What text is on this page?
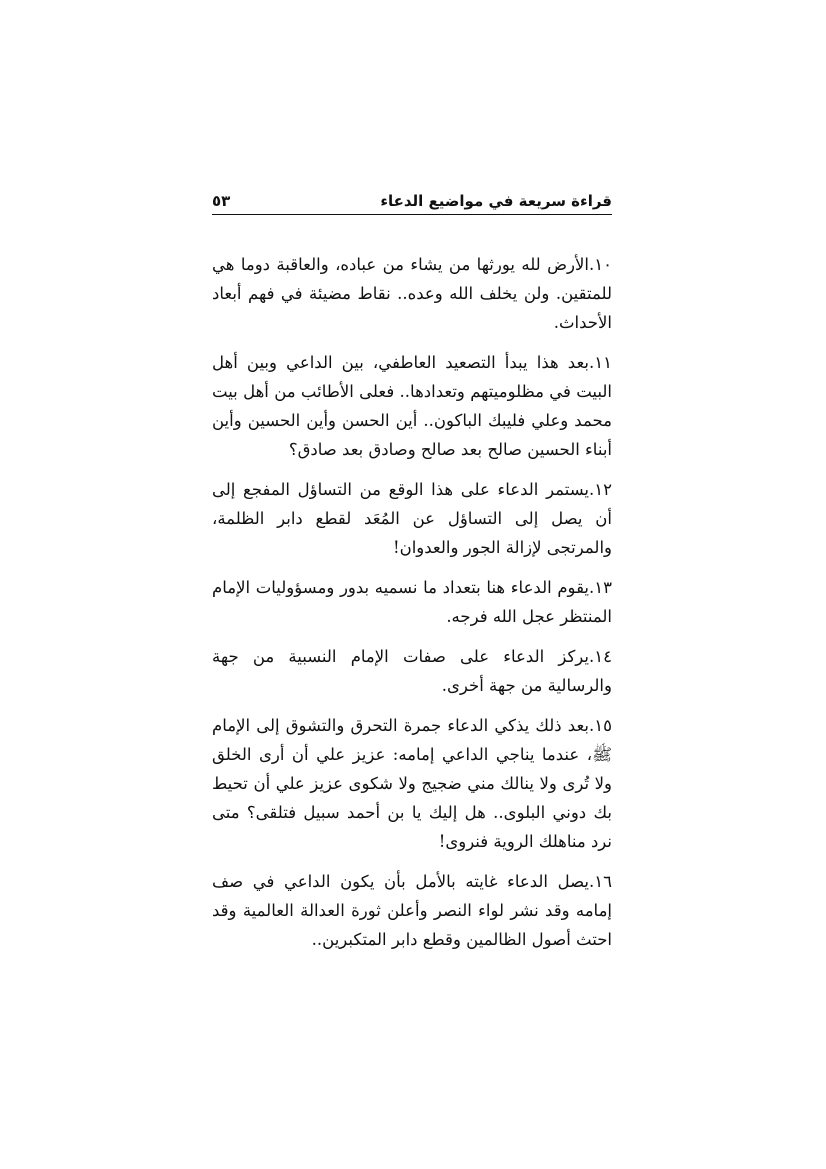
قراءة سريعة في مواضيع الدعاء
٥٣

١٠.الأرض لله يورثها من يشاء من عباده، والعاقبة دوما هي للمتقين. ولن يخلف الله وعده.. نقاط مضيئة في فهم أبعاد الأحداث.

١١.بعد هذا يبدأ التصعيد العاطفي، بين الداعي وبين أهل البيت في مظلوميتهم وتعدادها.. فعلى الأطائب من أهل بيت محمد وعلي فليبك الباكون.. أين الحسن وأين الحسين وأين أبناء الحسين صالح بعد صالح وصادق بعد صادق؟

١٢.يستمر الدعاء على هذا الوقع من التساؤل المفجع إلى أن يصل إلى التساؤل عن المُعَد لقطع دابر الظلمة، والمرتجى لإزالة الجور والعدوان!

١٣.يقوم الدعاء هنا بتعداد ما نسميه بدور ومسؤوليات الإمام المنتظر عجل الله فرجه.

١٤.يركز الدعاء على صفات الإمام النسبية من جهة والرسالية من جهة أخرى.

١٥.بعد ذلك يذكي الدعاء جمرة التحرق والتشوق إلى الإمام ﷺ، عندما يناجي الداعي إمامه: عزيز علي أن أرى الخلق ولا تُرى ولا ينالك مني ضجيج ولا شكوى عزيز علي أن تحيط بك دوني البلوى.. هل إليك يا بن أحمد سبيل فتلقى؟ متى نرد مناهلك الروية فنروى!

١٦.يصل الدعاء غايته بالأمل بأن يكون الداعي في صف إمامه وقد نشر لواء النصر وأعلن ثورة العدالة العالمية وقد احتث أصول الظالمين وقطع دابر المتكبرين..
